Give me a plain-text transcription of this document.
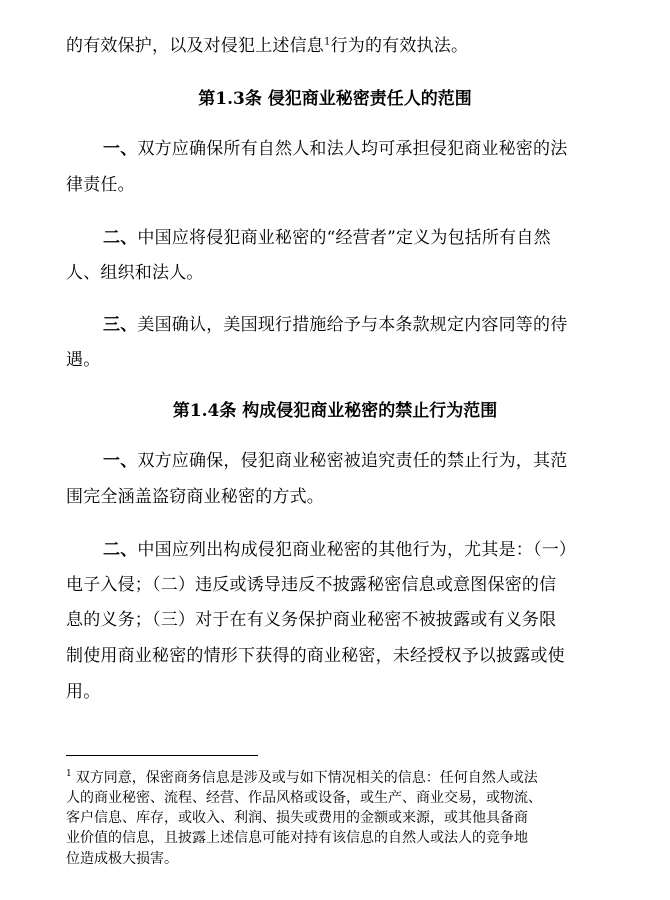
的有效保护，以及对侵犯上述信息$^1$行为的有效执法。
第1.3条 侵犯商业秘密责任人的范围
一、双方应确保所有自然人和法人均可承担侵犯商业秘密的法
律责任。
二、中国应将侵犯商业秘密的“经营者”定义为包括所有自然
人、组织和法人。
三、美国确认，美国现行措施给予与本条款规定内容同等的待
遇。
第1.4条 构成侵犯商业秘密的禁止行为范围
一、双方应确保，侵犯商业秘密被追究责任的禁止行为，其范
围完全涵盖盗窃商业秘密的方式。
二、中国应列出构成侵犯商业秘密的其他行为，尤其是：（一）
电子入侵；（二）违反或诱导违反不披露秘密信息或意图保密的信
息的义务；（三）对于在有义务保护商业秘密不被披露或有义务限
制使用商业秘密的情形下获得的商业秘密，未经授权予以披露或使
用。
$^1$ 双方同意，保密商务信息是涉及或与如下情况相关的信息：任何自然人或法
人的商业秘密、流程、经营、作品风格或设备，或生产、商业交易，或物流、
客户信息、库存，或收入、利润、损失或费用的金额或来源，或其他具备商
业价值的信息，且披露上述信息可能对持有该信息的自然人或法人的竞争地
位造成极大损害。
